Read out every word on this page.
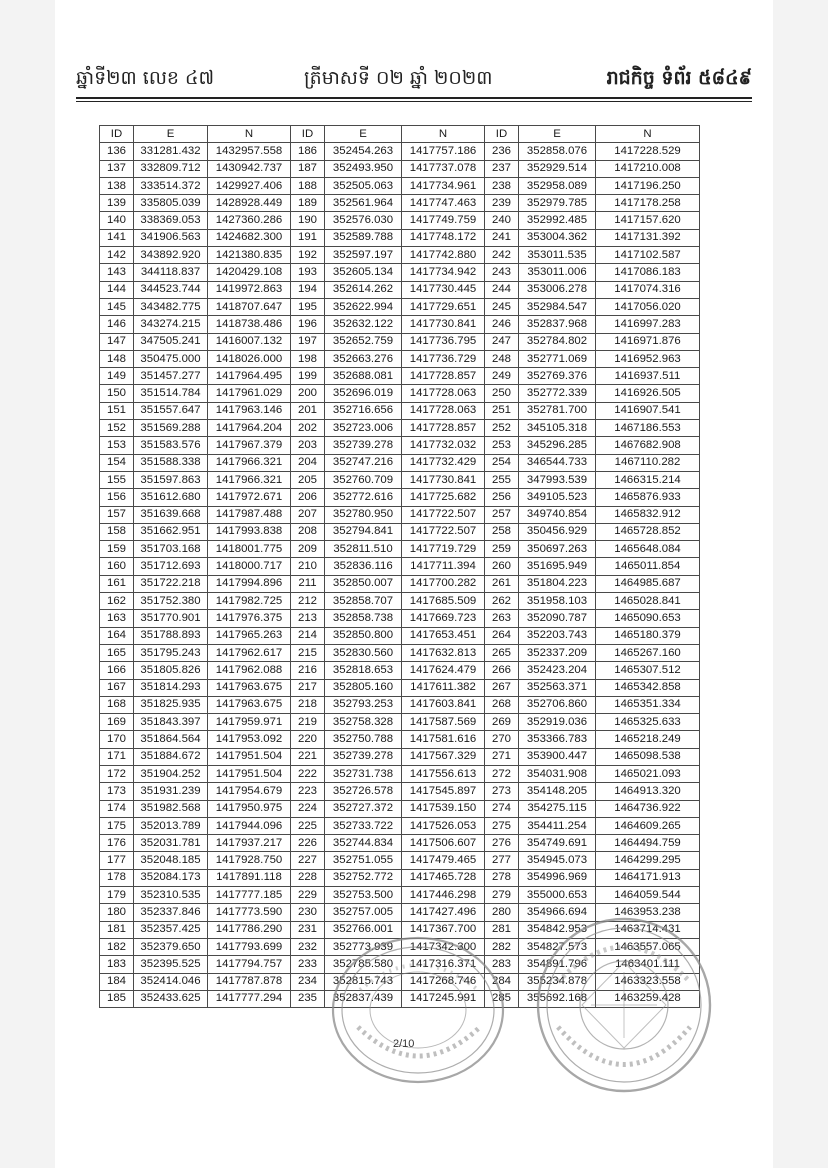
ឆ្នាំទី២៣ លេខ ៤៧	ត្រីមាសទី ០២ ឆ្នាំ ២០២៣	រាជកិច្ច ទំព័រ ៥៨៤៩
ID	E	N	ID	E	N	ID	E	N
136	331281.432	1432957.558	186	352454.263	1417757.186	236	352858.076	1417228.529
137	332809.712	1430942.737	187	352493.950	1417737.078	237	352929.514	1417210.008
138	333514.372	1429927.406	188	352505.063	1417734.961	238	352958.089	1417196.250
139	335805.039	1428928.449	189	352561.964	1417747.463	239	352979.785	1417178.258
140	338369.053	1427360.286	190	352576.030	1417749.759	240	352992.485	1417157.620
141	341906.563	1424682.300	191	352589.788	1417748.172	241	353004.362	1417131.392
142	343892.920	1421380.835	192	352597.197	1417742.880	242	353011.535	1417102.587
143	344118.837	1420429.108	193	352605.134	1417734.942	243	353011.006	1417086.183
144	344523.744	1419972.863	194	352614.262	1417730.445	244	353006.278	1417074.316
145	343482.775	1418707.647	195	352622.994	1417729.651	245	352984.547	1417056.020
146	343274.215	1418738.486	196	352632.122	1417730.841	246	352837.968	1416997.283
147	347505.241	1416007.132	197	352652.759	1417736.795	247	352784.802	1416971.876
148	350475.000	1418026.000	198	352663.276	1417736.729	248	352771.069	1416952.963
149	351457.277	1417964.495	199	352688.081	1417728.857	249	352769.376	1416937.511
150	351514.784	1417961.029	200	352696.019	1417728.063	250	352772.339	1416926.505
151	351557.647	1417963.146	201	352716.656	1417728.063	251	352781.700	1416907.541
152	351569.288	1417964.204	202	352723.006	1417728.857	252	345105.318	1467186.553
153	351583.576	1417967.379	203	352739.278	1417732.032	253	345296.285	1467682.908
154	351588.338	1417966.321	204	352747.216	1417732.429	254	346544.733	1467110.282
155	351597.863	1417966.321	205	352760.709	1417730.841	255	347993.539	1466315.214
156	351612.680	1417972.671	206	352772.616	1417725.682	256	349105.523	1465876.933
157	351639.668	1417987.488	207	352780.950	1417722.507	257	349740.854	1465832.912
158	351662.951	1417993.838	208	352794.841	1417722.507	258	350456.929	1465728.852
159	351703.168	1418001.775	209	352811.510	1417719.729	259	350697.263	1465648.084
160	351712.693	1418000.717	210	352836.116	1417711.394	260	351695.949	1465011.854
161	351722.218	1417994.896	211	352850.007	1417700.282	261	351804.223	1464985.687
162	351752.380	1417982.725	212	352858.707	1417685.509	262	351958.103	1465028.841
163	351770.901	1417976.375	213	352858.738	1417669.723	263	352090.787	1465090.653
164	351788.893	1417965.263	214	352850.800	1417653.451	264	352203.743	1465180.379
165	351795.243	1417962.617	215	352830.560	1417632.813	265	352337.209	1465267.160
166	351805.826	1417962.088	216	352818.653	1417624.479	266	352423.204	1465307.512
167	351814.293	1417963.675	217	352805.160	1417611.382	267	352563.371	1465342.858
168	351825.935	1417963.675	218	352793.253	1417603.841	268	352706.860	1465351.334
169	351843.397	1417959.971	219	352758.328	1417587.569	269	352919.036	1465325.633
170	351864.564	1417953.092	220	352750.788	1417581.616	270	353366.783	1465218.249
171	351884.672	1417951.504	221	352739.278	1417567.329	271	353900.447	1465098.538
172	351904.252	1417951.504	222	352731.738	1417556.613	272	354031.908	1465021.093
173	351931.239	1417954.679	223	352726.578	1417545.897	273	354148.205	1464913.320
174	351982.568	1417950.975	224	352727.372	1417539.150	274	354275.115	1464736.922
175	352013.789	1417944.096	225	352733.722	1417526.053	275	354411.254	1464609.265
176	352031.781	1417937.217	226	352744.834	1417506.607	276	354749.691	1464494.759
177	352048.185	1417928.750	227	352751.055	1417479.465	277	354945.073	1464299.295
178	352084.173	1417891.118	228	352752.772	1417465.728	278	354996.969	1464171.913
179	352310.535	1417777.185	229	352753.500	1417446.298	279	355000.653	1464059.544
180	352337.846	1417773.590	230	352757.005	1417427.496	280	354966.694	1463953.238
181	352357.425	1417786.290	231	352766.001	1417367.700	281	354842.953	1463714.431
182	352379.650	1417793.699	232	352773.939	1417342.300	282	354827.573	1463557.065
183	352395.525	1417794.757	233	352785.580	1417316.371	283	354891.796	1463401.111
184	352414.046	1417787.878	234	352815.743	1417268.746	284	355234.878	1463323.558
185	352433.625	1417777.294	235	352837.439	1417245.991	285	355692.168	1463259.428
2/10
